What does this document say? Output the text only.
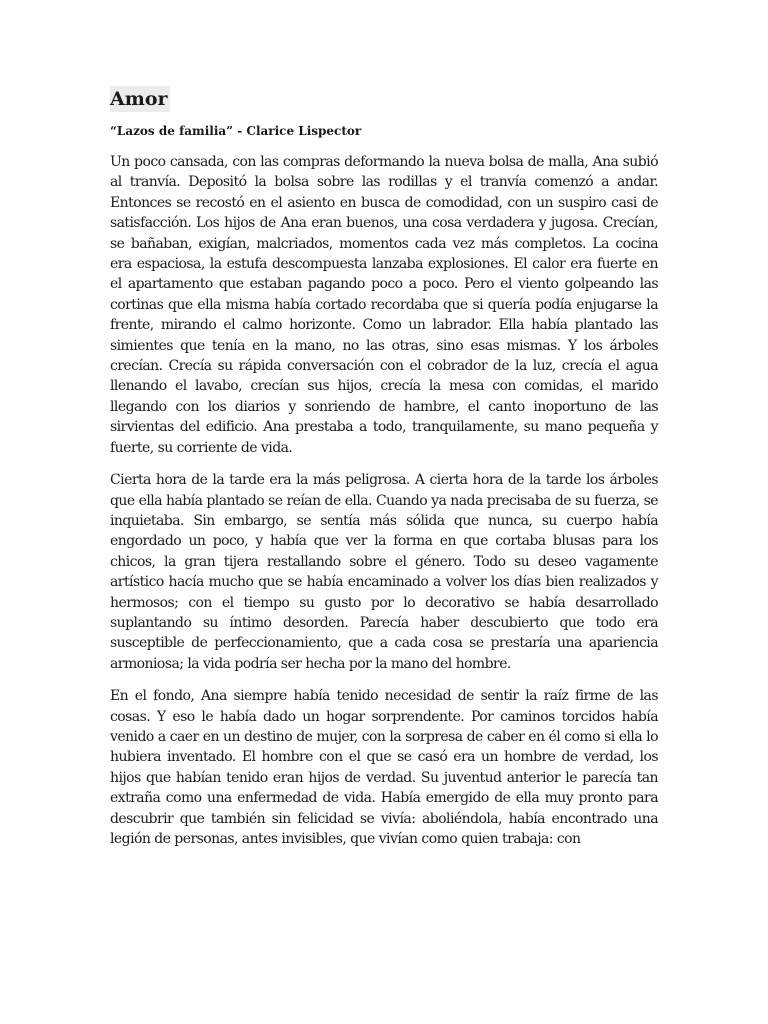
Amor
“Lazos de familia” - Clarice Lispector

Un poco cansada, con las compras deformando la nueva bolsa de malla, Ana subió al tranvía. Depositó la bolsa sobre las rodillas y el tranvía comenzó a andar. Entonces se recostó en el asiento en busca de comodidad, con un suspiro casi de satisfacción. Los hijos de Ana eran buenos, una cosa verdadera y jugosa. Crecían, se bañaban, exigían, malcriados, momentos cada vez más completos. La cocina era espaciosa, la estufa descompuesta lanzaba explosiones. El calor era fuerte en el apartamento que estaban pagando poco a poco. Pero el viento golpeando las cortinas que ella misma había cortado recordaba que si quería podía enjugarse la frente, mirando el calmo horizonte. Como un labrador. Ella había plantado las simientes que tenía en la mano, no las otras, sino esas mismas. Y los árboles crecían. Crecía su rápida conversación con el cobrador de la luz, crecía el agua llenando el lavabo, crecían sus hijos, crecía la mesa con comidas, el marido llegando con los diarios y sonriendo de hambre, el canto inoportuno de las sirvientas del edificio. Ana prestaba a todo, tranquilamente, su mano pequeña y fuerte, su corriente de vida.

Cierta hora de la tarde era la más peligrosa. A cierta hora de la tarde los árboles que ella había plantado se reían de ella. Cuando ya nada precisaba de su fuerza, se inquietaba. Sin embargo, se sentía más sólida que nunca, su cuerpo había engordado un poco, y había que ver la forma en que cortaba blusas para los chicos, la gran tijera restallando sobre el género. Todo su deseo vagamente artístico hacía mucho que se había encaminado a volver los días bien realizados y hermosos; con el tiempo su gusto por lo decorativo se había desarrollado suplantando su íntimo desorden. Parecía haber descubierto que todo era susceptible de perfeccionamiento, que a cada cosa se prestaría una apariencia armoniosa; la vida podría ser hecha por la mano del hombre.

En el fondo, Ana siempre había tenido necesidad de sentir la raíz firme de las cosas. Y eso le había dado un hogar sorprendente. Por caminos torcidos había venido a caer en un destino de mujer, con la sorpresa de caber en él como si ella lo hubiera inventado. El hombre con el que se casó era un hombre de verdad, los hijos que habían tenido eran hijos de verdad. Su juventud anterior le parecía tan extraña como una enfermedad de vida. Había emergido de ella muy pronto para descubrir que también sin felicidad se vivía: aboliéndola, había encontrado una legión de personas, antes invisibles, que vivían como quien trabaja: con
